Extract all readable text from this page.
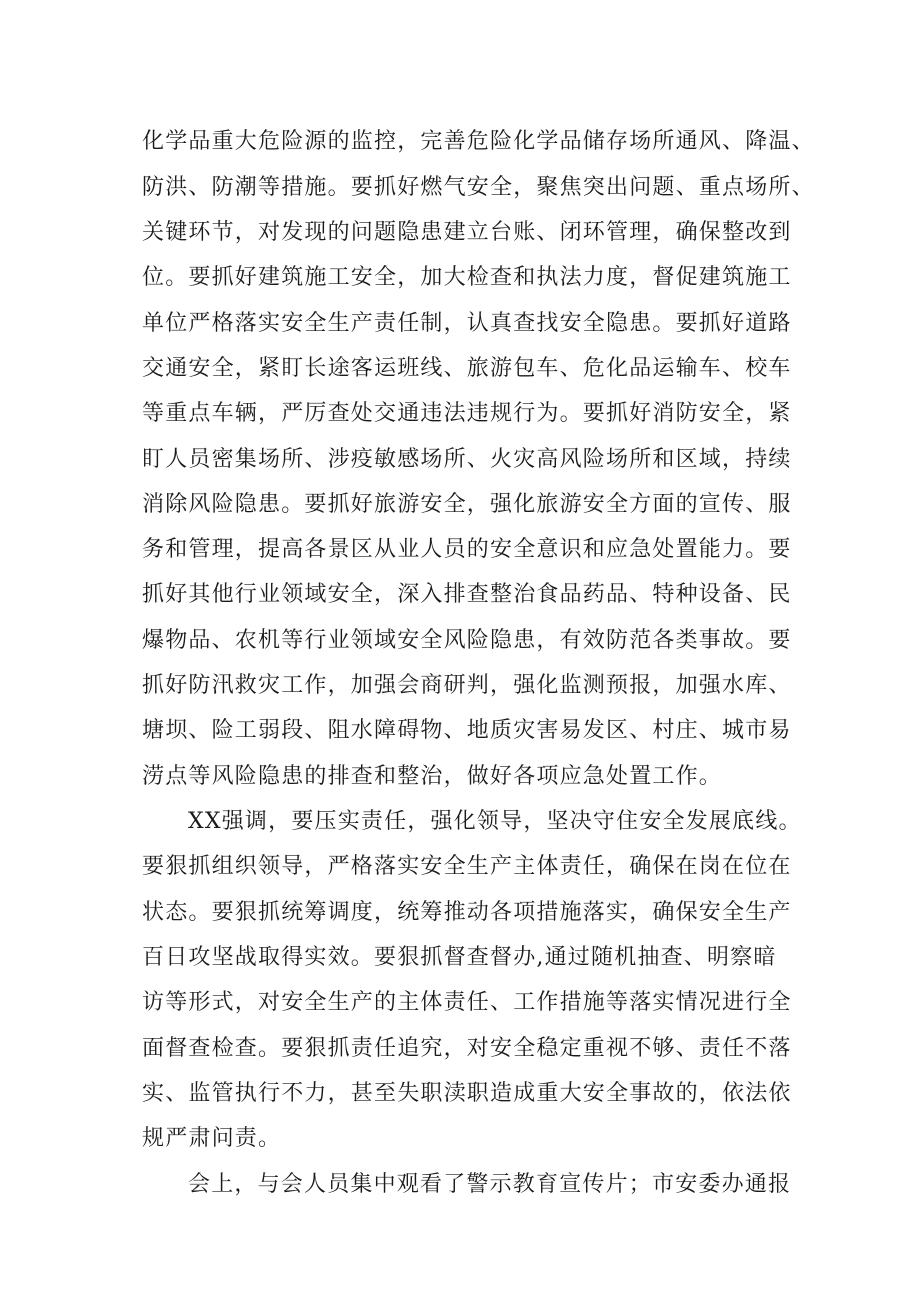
化学品重大危险源的监控，完善危险化学品储存场所通风、降温、
防洪、防潮等措施。要抓好燃气安全，聚焦突出问题、重点场所、
关键环节，对发现的问题隐患建立台账、闭环管理，确保整改到
位。要抓好建筑施工安全，加大检查和执法力度，督促建筑施工
单位严格落实安全生产责任制，认真查找安全隐患。要抓好道路
交通安全，紧盯长途客运班线、旅游包车、危化品运输车、校车
等重点车辆，严厉查处交通违法违规行为。要抓好消防安全，紧
盯人员密集场所、涉疫敏感场所、火灾高风险场所和区域，持续
消除风险隐患。要抓好旅游安全，强化旅游安全方面的宣传、服
务和管理，提高各景区从业人员的安全意识和应急处置能力。要
抓好其他行业领域安全，深入排查整治食品药品、特种设备、民
爆物品、农机等行业领域安全风险隐患，有效防范各类事故。要
抓好防汛救灾工作，加强会商研判，强化监测预报，加强水库、
塘坝、险工弱段、阻水障碍物、地质灾害易发区、村庄、城市易
涝点等风险隐患的排查和整治，做好各项应急处置工作。
XX强调，要压实责任，强化领导，坚决守住安全发展底线。
要狠抓组织领导，严格落实安全生产主体责任，确保在岗在位在
状态。要狠抓统筹调度，统筹推动各项措施落实，确保安全生产
百日攻坚战取得实效。要狠抓督查督办,通过随机抽查、明察暗
访等形式，对安全生产的主体责任、工作措施等落实情况进行全
面督查检查。要狠抓责任追究，对安全稳定重视不够、责任不落
实、监管执行不力，甚至失职渎职造成重大安全事故的，依法依
规严肃问责。
会上，与会人员集中观看了警示教育宣传片；市安委办通报
